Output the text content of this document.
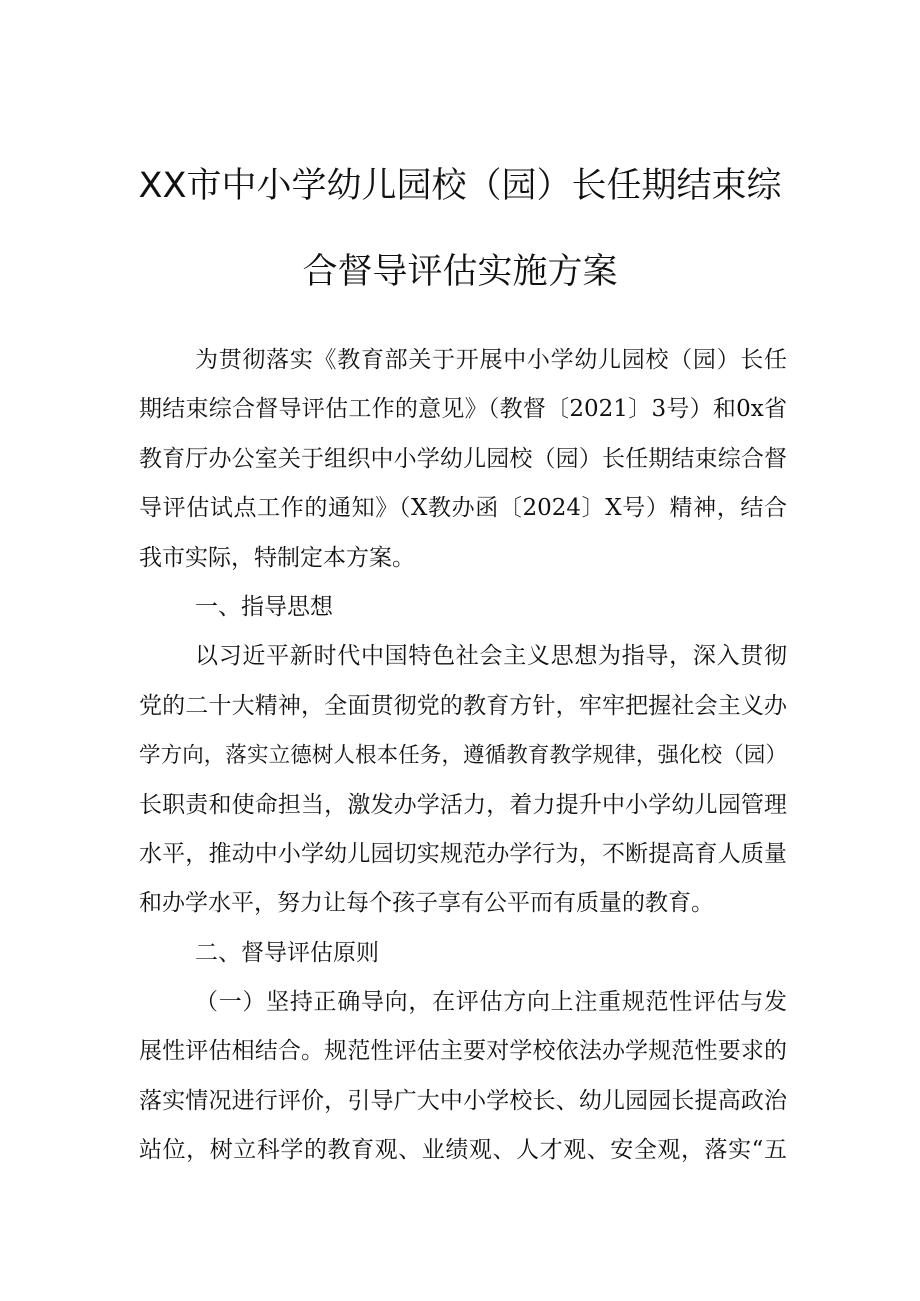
XX市中小学幼儿园校（园）长任期结束综
合督导评估实施方案
为贯彻落实《教育部关于开展中小学幼儿园校（园）长任
期结束综合督导评估工作的意见》（教督〔2021〕3号）和0x省
教育厅办公室关于组织中小学幼儿园校（园）长任期结束综合督
导评估试点工作的通知》（X教办函〔2024〕X号）精神，结合
我市实际，特制定本方案。
一、指导思想
以习近平新时代中国特色社会主义思想为指导，深入贯彻
党的二十大精神，全面贯彻党的教育方针，牢牢把握社会主义办
学方向，落实立德树人根本任务，遵循教育教学规律，强化校（园）
长职责和使命担当，激发办学活力，着力提升中小学幼儿园管理
水平，推动中小学幼儿园切实规范办学行为，不断提高育人质量
和办学水平，努力让每个孩子享有公平而有质量的教育。
二、督导评估原则
（一）坚持正确导向，在评估方向上注重规范性评估与发
展性评估相结合。规范性评估主要对学校依法办学规范性要求的
落实情况进行评价，引导广大中小学校长、幼儿园园长提高政治
站位，树立科学的教育观、业绩观、人才观、安全观，落实“五
